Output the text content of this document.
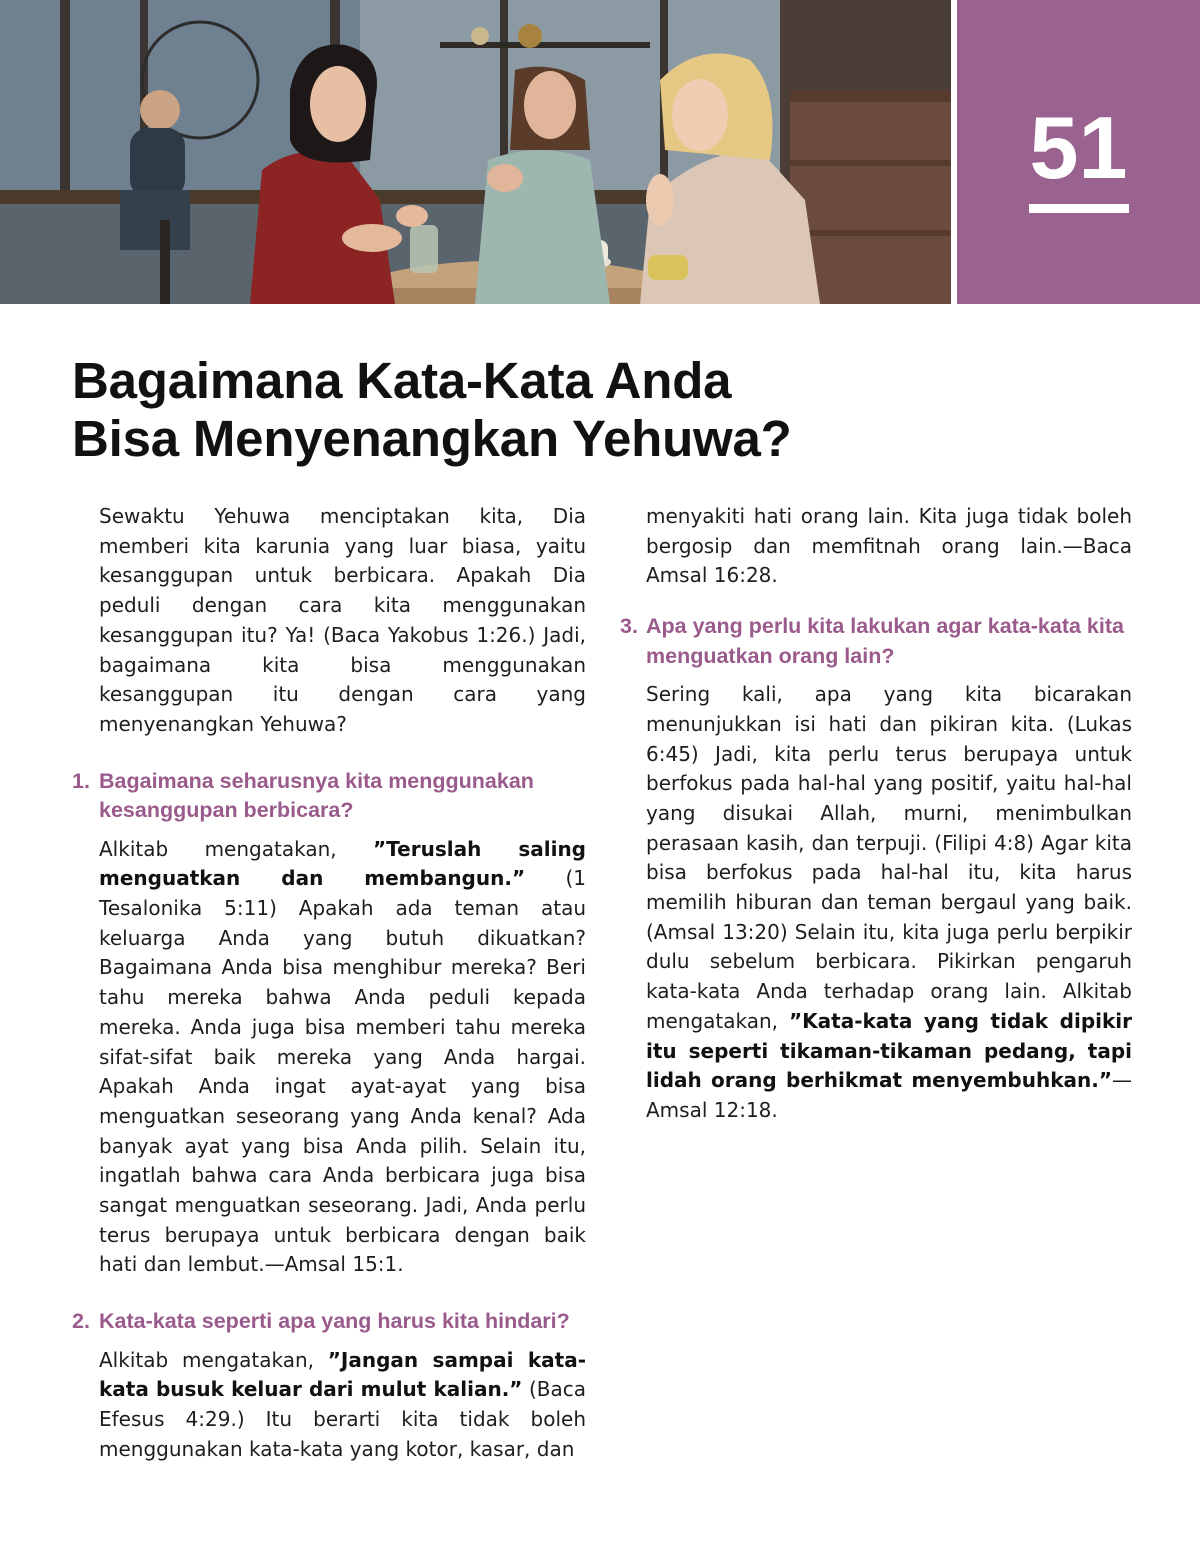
51
Bagaimana Kata-Kata Anda
Bisa Menyenangkan Yehuwa?

Sewaktu Yehuwa menciptakan kita, Dia memberi kita karunia yang luar biasa, yaitu kesanggupan untuk berbicara. Apakah Dia peduli dengan cara kita menggunakan kesanggupan itu? Ya! (Baca Yakobus 1:26.) Jadi, bagaimana kita bisa menggunakan kesanggupan itu dengan cara yang menyenangkan Yehuwa?

1. Bagaimana seharusnya kita menggunakan kesanggupan berbicara?

Alkitab mengatakan, ”Teruslah saling menguatkan dan membangun.” (1 Tesalonika 5:11) Apakah ada teman atau keluarga Anda yang butuh dikuatkan? Bagaimana Anda bisa menghibur mereka? Beri tahu mereka bahwa Anda peduli kepada mereka. Anda juga bisa memberi tahu mereka sifat-sifat baik mereka yang Anda hargai. Apakah Anda ingat ayat-ayat yang bisa menguatkan seseorang yang Anda kenal? Ada banyak ayat yang bisa Anda pilih. Selain itu, ingatlah bahwa cara Anda berbicara juga bisa sangat menguatkan seseorang. Jadi, Anda perlu terus berupaya untuk berbicara dengan baik hati dan lembut.—Amsal 15:1.

2. Kata-kata seperti apa yang harus kita hindari?

Alkitab mengatakan, ”Jangan sampai kata-kata busuk keluar dari mulut kalian.” (Baca Efesus 4:29.) Itu berarti kita tidak boleh menggunakan kata-kata yang kotor, kasar, dan

menyakiti hati orang lain. Kita juga tidak boleh bergosip dan memfitnah orang lain.—Baca Amsal 16:28.

3. Apa yang perlu kita lakukan agar kata-kata kita menguatkan orang lain?

Sering kali, apa yang kita bicarakan menunjukkan isi hati dan pikiran kita. (Lukas 6:45) Jadi, kita perlu terus berupaya untuk berfokus pada hal-hal yang positif, yaitu hal-hal yang disukai Allah, murni, menimbulkan perasaan kasih, dan terpuji. (Filipi 4:8) Agar kita bisa berfokus pada hal-hal itu, kita harus memilih hiburan dan teman bergaul yang baik. (Amsal 13:20) Selain itu, kita juga perlu berpikir dulu sebelum berbicara. Pikirkan pengaruh kata-kata Anda terhadap orang lain. Alkitab mengatakan, ”Kata-kata yang tidak dipikir itu seperti tikaman-tikaman pedang, tapi lidah orang berhikmat menyembuhkan.”—Amsal 12:18.
